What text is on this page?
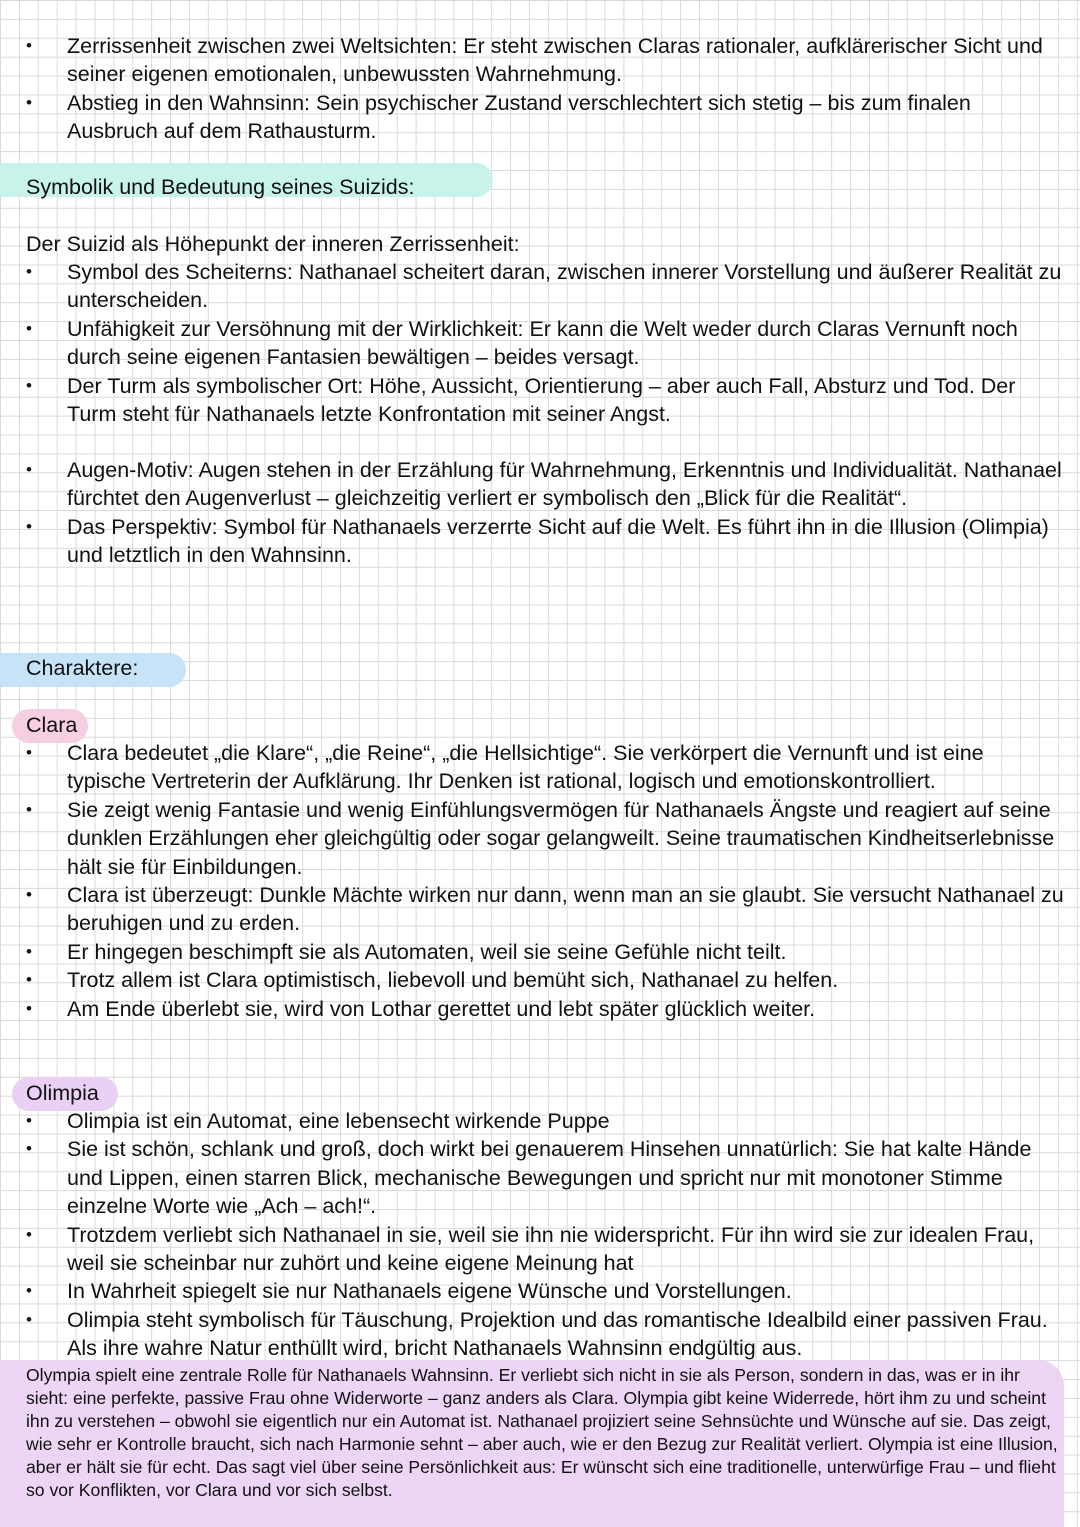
• Zerrissenheit zwischen zwei Weltsichten: Er steht zwischen Claras rationaler, aufklärerischer Sicht und seiner eigenen emotionalen, unbewussten Wahrnehmung.
• Abstieg in den Wahnsinn: Sein psychischer Zustand verschlechtert sich stetig – bis zum finalen Ausbruch auf dem Rathausturm.
Symbolik und Bedeutung seines Suizids:
Der Suizid als Höhepunkt der inneren Zerrissenheit:
• Symbol des Scheiterns: Nathanael scheitert daran, zwischen innerer Vorstellung und äußerer Realität zu unterscheiden.
• Unfähigkeit zur Versöhnung mit der Wirklichkeit: Er kann die Welt weder durch Claras Vernunft noch durch seine eigenen Fantasien bewältigen – beides versagt.
• Der Turm als symbolischer Ort: Höhe, Aussicht, Orientierung – aber auch Fall, Absturz und Tod. Der Turm steht für Nathanaels letzte Konfrontation mit seiner Angst.
• Augen-Motiv: Augen stehen in der Erzählung für Wahrnehmung, Erkenntnis und Individualität. Nathanael fürchtet den Augenverlust – gleichzeitig verliert er symbolisch den „Blick für die Realität“.
• Das Perspektiv: Symbol für Nathanaels verzerrte Sicht auf die Welt. Es führt ihn in die Illusion (Olimpia) und letztlich in den Wahnsinn.
Charaktere:
Clara
• Clara bedeutet „die Klare“, „die Reine“, „die Hellsichtige“. Sie verkörpert die Vernunft und ist eine typische Vertreterin der Aufklärung. Ihr Denken ist rational, logisch und emotionskontrolliert.
• Sie zeigt wenig Fantasie und wenig Einfühlungsvermögen für Nathanaels Ängste und reagiert auf seine dunklen Erzählungen eher gleichgültig oder sogar gelangweilt. Seine traumatischen Kindheitserlebnisse hält sie für Einbildungen.
• Clara ist überzeugt: Dunkle Mächte wirken nur dann, wenn man an sie glaubt. Sie versucht Nathanael zu beruhigen und zu erden.
• Er hingegen beschimpft sie als Automaten, weil sie seine Gefühle nicht teilt.
• Trotz allem ist Clara optimistisch, liebevoll und bemüht sich, Nathanael zu helfen.
• Am Ende überlebt sie, wird von Lothar gerettet und lebt später glücklich weiter.
Olimpia
• Olimpia ist ein Automat, eine lebensecht wirkende Puppe
• Sie ist schön, schlank und groß, doch wirkt bei genauerem Hinsehen unnatürlich: Sie hat kalte Hände und Lippen, einen starren Blick, mechanische Bewegungen und spricht nur mit monotoner Stimme einzelne Worte wie „Ach – ach!“.
• Trotzdem verliebt sich Nathanael in sie, weil sie ihn nie widerspricht. Für ihn wird sie zur idealen Frau, weil sie scheinbar nur zuhört und keine eigene Meinung hat
• In Wahrheit spiegelt sie nur Nathanaels eigene Wünsche und Vorstellungen.
• Olimpia steht symbolisch für Täuschung, Projektion und das romantische Idealbild einer passiven Frau. Als ihre wahre Natur enthüllt wird, bricht Nathanaels Wahnsinn endgültig aus.
Olympia spielt eine zentrale Rolle für Nathanaels Wahnsinn. Er verliebt sich nicht in sie als Person, sondern in das, was er in ihr sieht: eine perfekte, passive Frau ohne Widerworte – ganz anders als Clara. Olympia gibt keine Widerrede, hört ihm zu und scheint ihn zu verstehen – obwohl sie eigentlich nur ein Automat ist. Nathanael projiziert seine Sehnsüchte und Wünsche auf sie. Das zeigt, wie sehr er Kontrolle braucht, sich nach Harmonie sehnt – aber auch, wie er den Bezug zur Realität verliert. Olympia ist eine Illusion, aber er hält sie für echt. Das sagt viel über seine Persönlichkeit aus: Er wünscht sich eine traditionelle, unterwürfige Frau – und flieht so vor Konflikten, vor Clara und vor sich selbst.
